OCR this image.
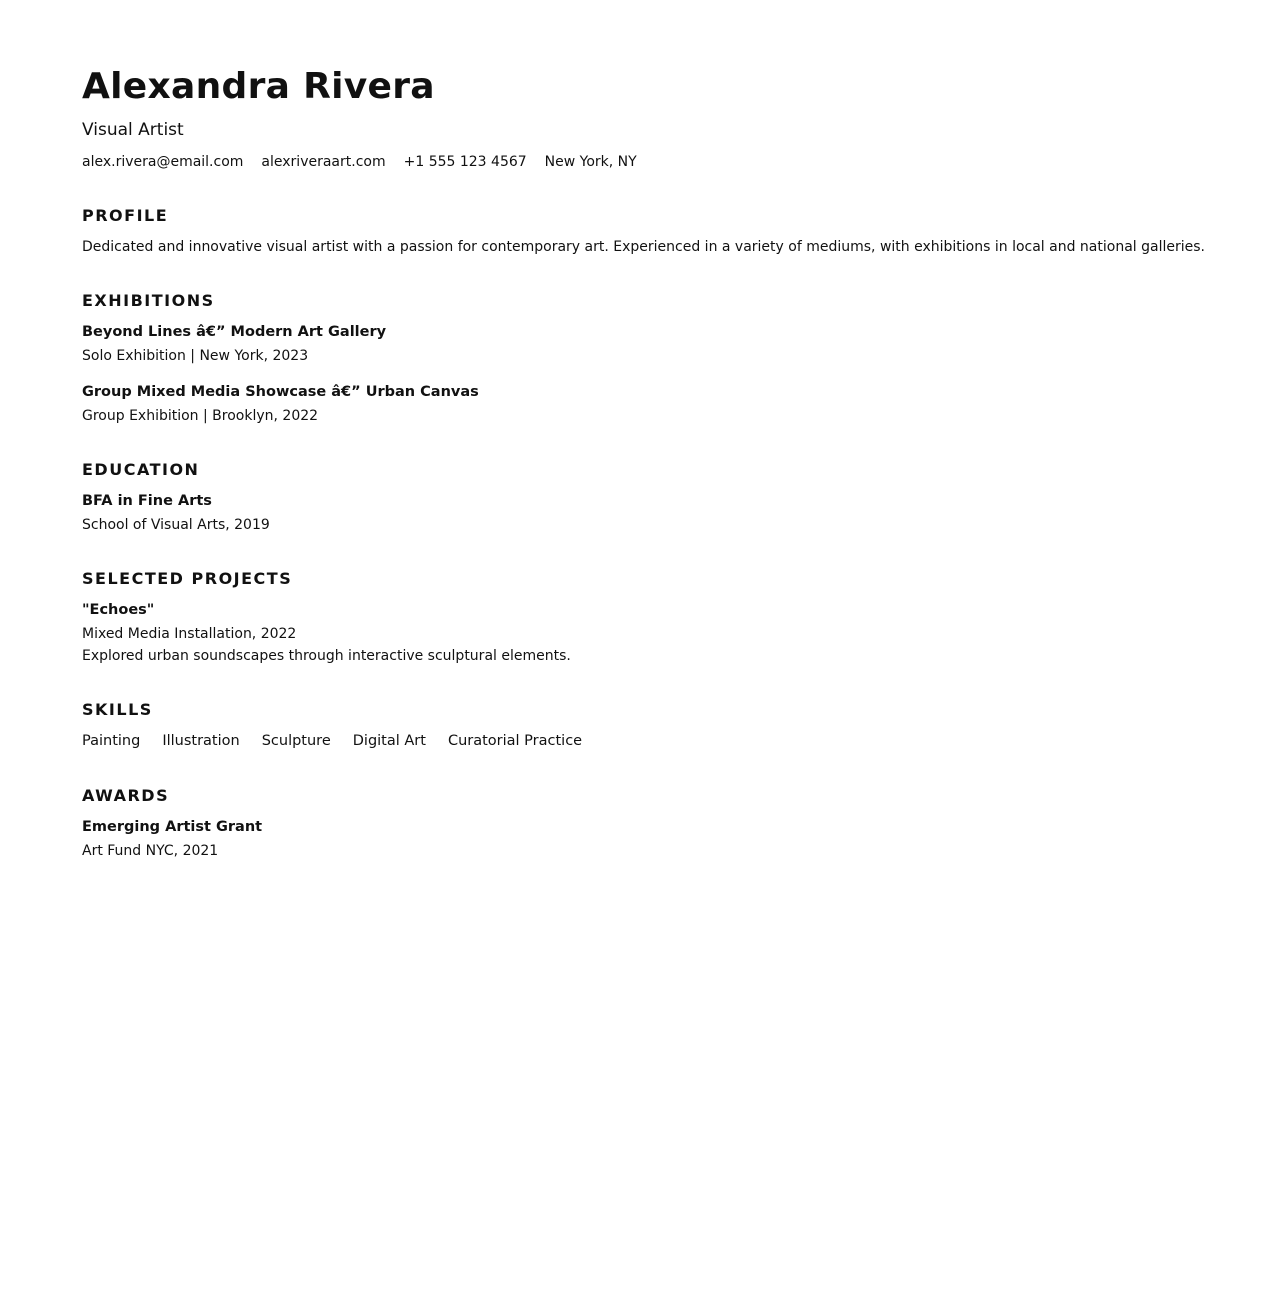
Alexandra Rivera
Visual Artist
alex.rivera@email.com alexriveraart.com +1 555 123 4567 New York, NY
PROFILE
Dedicated and innovative visual artist with a passion for contemporary art. Experienced in a variety of mediums, with exhibitions in local and national galleries.
EXHIBITIONS
Beyond Lines â€” Modern Art Gallery
Solo Exhibition | New York, 2023
Group Mixed Media Showcase â€” Urban Canvas
Group Exhibition | Brooklyn, 2022
EDUCATION
BFA in Fine Arts
School of Visual Arts, 2019
SELECTED PROJECTS
"Echoes"
Mixed Media Installation, 2022
Explored urban soundscapes through interactive sculptural elements.
SKILLS
Painting Illustration Sculpture Digital Art Curatorial Practice
AWARDS
Emerging Artist Grant
Art Fund NYC, 2021
